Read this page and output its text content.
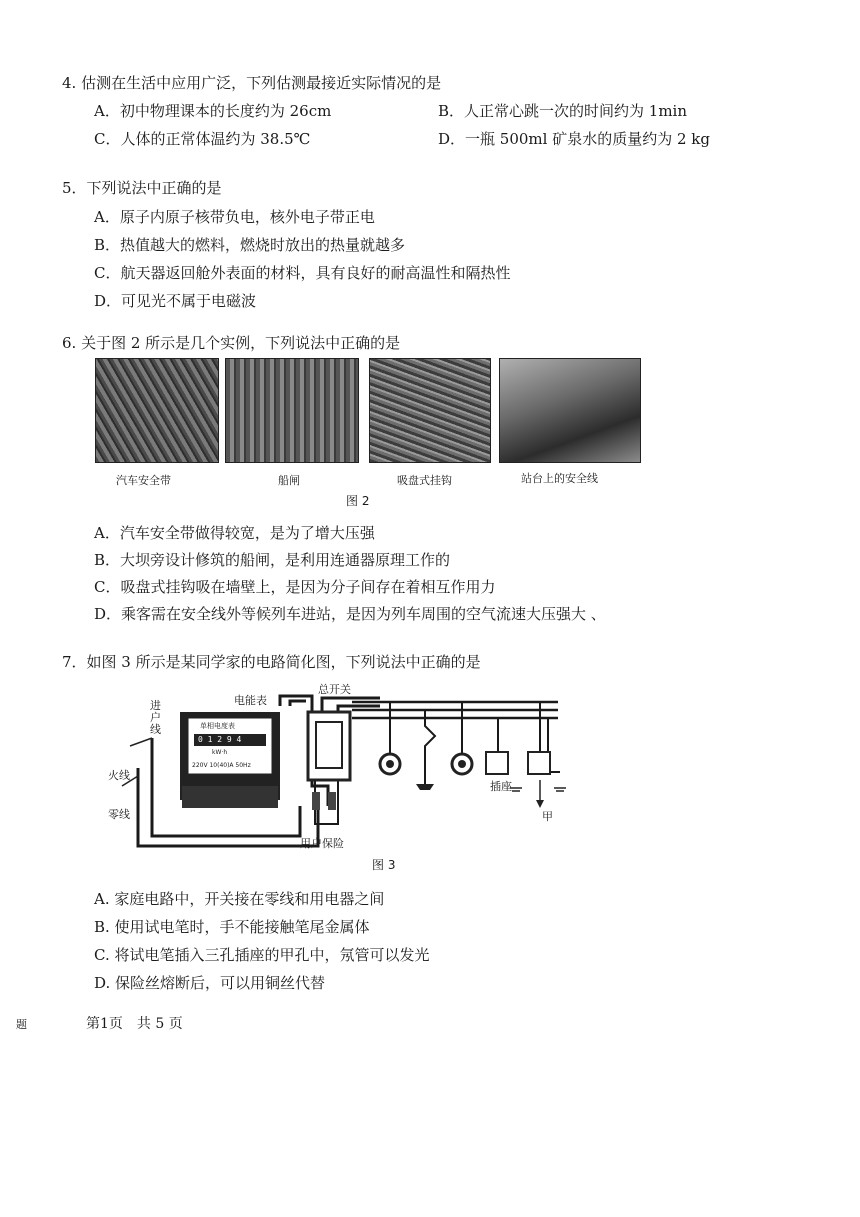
4. 估测在生活中应用广泛，下列估测最接近实际情况的是
A．初中物理课本的长度约为 26cm	B．人正常心跳一次的时间约为 1min
C．人体的正常体温约为 38.5℃	D．一瓶 500ml 矿泉水的质量约为 2 kg
5．下列说法中正确的是
A．原子内原子核带负电，核外电子带正电
B．热值越大的燃料，燃烧时放出的热量就越多
C．航天器返回舱外表面的材料，具有良好的耐高温性和隔热性
D．可见光不属于电磁波
6. 关于图 2 所示是几个实例，下列说法中正确的是
汽车安全带	船闸	吸盘式挂钩	站台上的安全线
图 2
A．汽车安全带做得较宽，是为了增大压强
B．大坝旁设计修筑的船闸，是利用连通器原理工作的
C．吸盘式挂钩吸在墙壁上，是因为分子间存在着相互作用力
D．乘客需在安全线外等候列车进站，是因为列车周围的空气流速大压强大 、
7．如图 3 所示是某同学家的电路简化图，下列说法中正确的是
进户线
电能表
总开关
火线
零线
用户保险
插座
甲
单相电度表
0 1 2 9 4
kW·h
220V 10(40)A 50Hz
图 3
A. 家庭电路中，开关接在零线和用电器之间
B. 使用试电笔时，手不能接触笔尾金属体
C. 将试电笔插入三孔插座的甲孔中，氖管可以发光
D. 保险丝熔断后，可以用铜丝代替
题	第1页　共 5 页
